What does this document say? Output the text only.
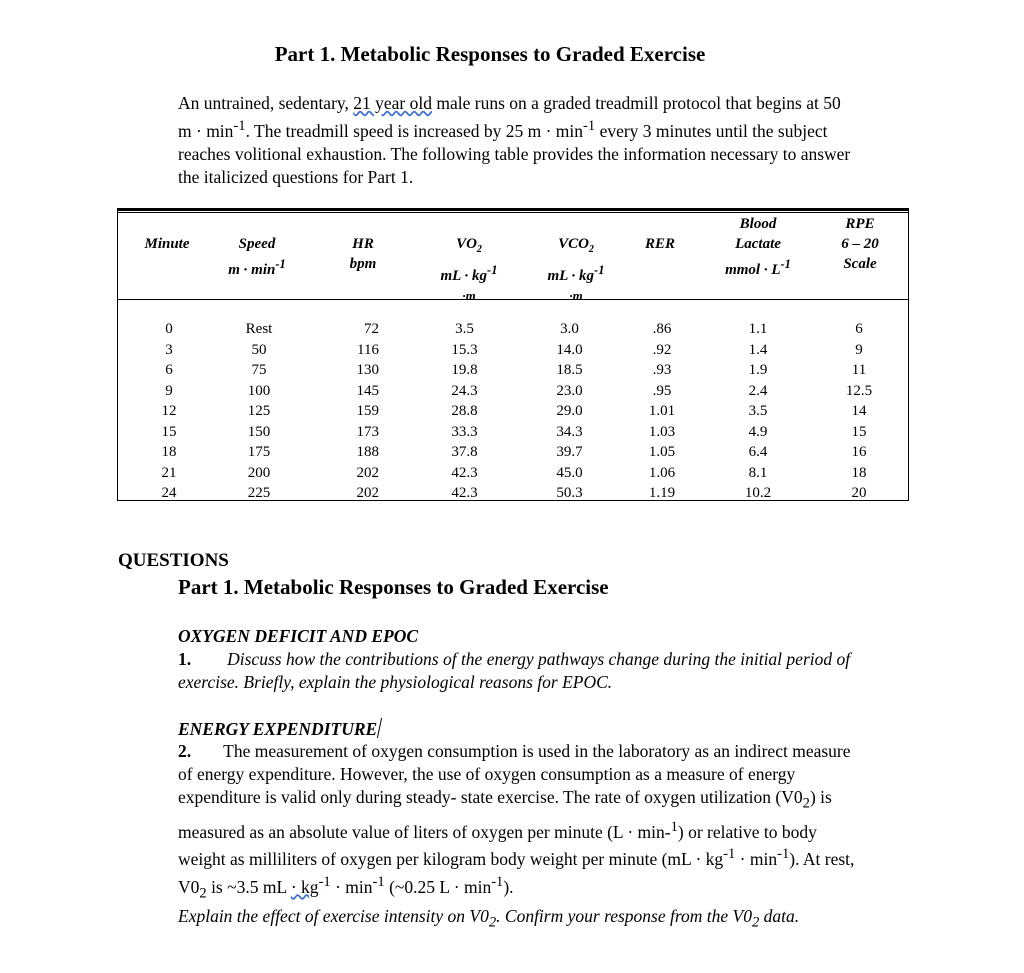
Part 1. Metabolic Responses to Graded Exercise
An untrained, sedentary, 21 year old male runs on a graded treadmill protocol that begins at 50 $m \cdot \min^{-1}$. The treadmill speed is increased by 25 $m \cdot \min^{-1}$ every 3 minutes until the subject reaches volitional exhaustion. The following table provides the information necessary to answer the italicized questions for Part 1.
Minute	Speed
$m \cdot \min^{-1}$
HR
bpm
$VO_2$
mL · $kg^{-1}$
·m
$VCO_2$
mL · $kg^{-1}$
·m
RER
Blood
Lactate
mmol · $L^{-1}$
RPE
6 – 20
Scale
0
3
6
9
12
15
18
21
24
Rest
50
75
100
125
150
175
200
225
72
116
130
145
159
173
188
202
202
3.5
15.3
19.8
24.3
28.8
33.3
37.8
42.3
42.3
3.0
14.0
18.5
23.0
29.0
34.3
39.7
45.0
50.3
.86
.92
.93
.95
1.01
1.03
1.05
1.06
1.19
1.1
1.4
1.9
2.4
3.5
4.9
6.4
8.1
10.2
6
9
11
12.5
14
15
16
18
20
QUESTIONS
Part 1. Metabolic Responses to Graded Exercise
OXYGEN DEFICIT AND EPOC
1. Discuss how the contributions of the energy pathways change during the initial period of exercise. Briefly, explain the physiological reasons for EPOC.
ENERGY EXPENDITURE
2. The measurement of oxygen consumption is used in the laboratory as an indirect measure of energy expenditure. However, the use of oxygen consumption as a measure of energy expenditure is valid only during steady- state exercise. The rate of oxygen utilization $(V0_2)$ is measured as an absolute value of liters of oxygen per minute (L · min-$^1$) or relative to body weight as milliliters of oxygen per kilogram body weight per minute $(mL \cdot kg^{-1} \cdot \min^{-1})$. At rest, $V0_2$ is ~3.5 mL · $kg^{-1} \cdot \min^{-1}$ (~0.25 $L \cdot \min^{-1}$).
Explain the effect of exercise intensity on $V0_2$. Confirm your response from the $V0_2$ data.
